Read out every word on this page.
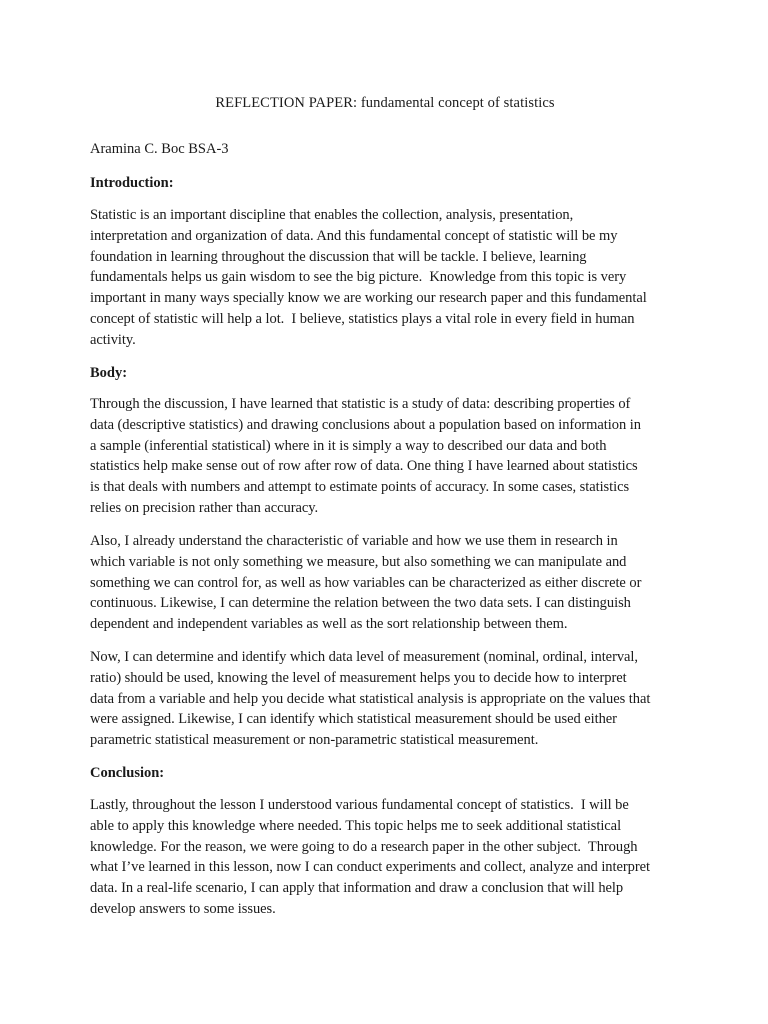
REFLECTION PAPER: fundamental concept of statistics
Aramina C. Boc BSA-3
Introduction:
Statistic is an important discipline that enables the collection, analysis, presentation,
interpretation and organization of data. And this fundamental concept of statistic will be my
foundation in learning throughout the discussion that will be tackle. I believe, learning
fundamentals helps us gain wisdom to see the big picture.  Knowledge from this topic is very
important in many ways specially know we are working our research paper and this fundamental
concept of statistic will help a lot.  I believe, statistics plays a vital role in every field in human
activity.
Body:
Through the discussion, I have learned that statistic is a study of data: describing properties of
data (descriptive statistics) and drawing conclusions about a population based on information in
a sample (inferential statistical) where in it is simply a way to described our data and both
statistics help make sense out of row after row of data. One thing I have learned about statistics
is that deals with numbers and attempt to estimate points of accuracy. In some cases, statistics
relies on precision rather than accuracy.
Also, I already understand the characteristic of variable and how we use them in research in
which variable is not only something we measure, but also something we can manipulate and
something we can control for, as well as how variables can be characterized as either discrete or
continuous. Likewise, I can determine the relation between the two data sets. I can distinguish
dependent and independent variables as well as the sort relationship between them.
Now, I can determine and identify which data level of measurement (nominal, ordinal, interval,
ratio) should be used, knowing the level of measurement helps you to decide how to interpret
data from a variable and help you decide what statistical analysis is appropriate on the values that
were assigned. Likewise, I can identify which statistical measurement should be used either
parametric statistical measurement or non-parametric statistical measurement.
Conclusion:
Lastly, throughout the lesson I understood various fundamental concept of statistics.  I will be
able to apply this knowledge where needed. This topic helps me to seek additional statistical
knowledge. For the reason, we were going to do a research paper in the other subject.  Through
what I’ve learned in this lesson, now I can conduct experiments and collect, analyze and interpret
data. In a real-life scenario, I can apply that information and draw a conclusion that will help
develop answers to some issues.
